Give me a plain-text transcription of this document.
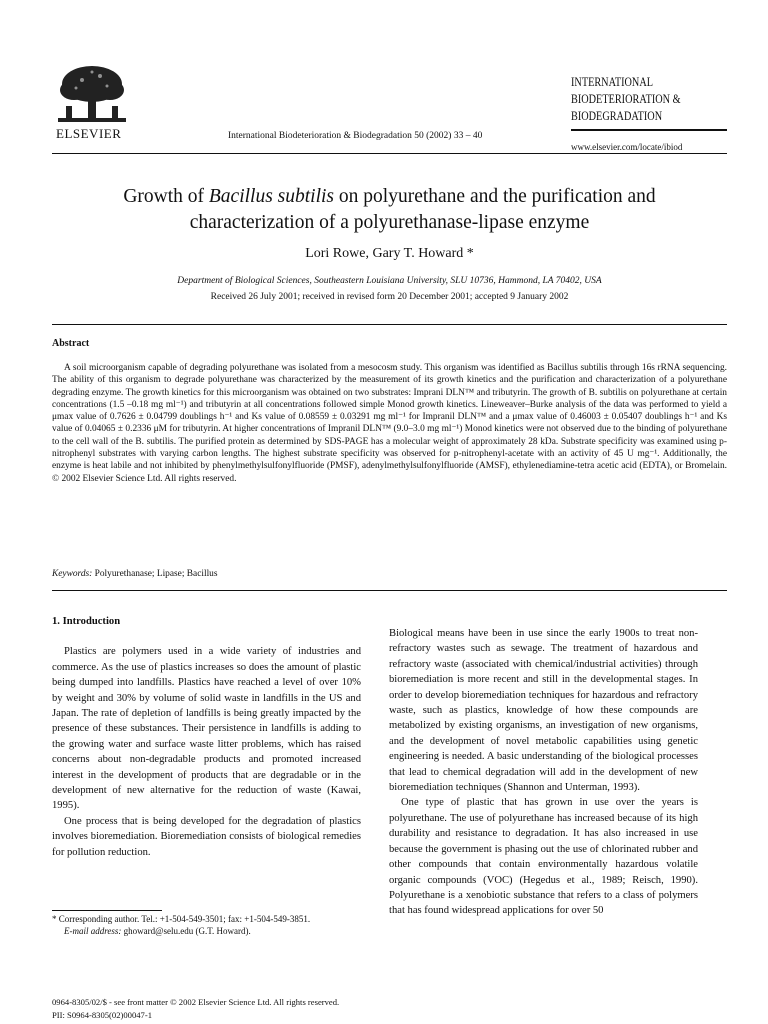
ELSEVIER	International Biodeterioration & Biodegradation 50 (2002) 33 – 40
INTERNATIONAL
BIODETERIORATION &
BIODEGRADATION
www.elsevier.com/locate/ibiod
Growth of Bacillus subtilis on polyurethane and the purification and
characterization of a polyurethanase-lipase enzyme
Lori Rowe, Gary T. Howard *
Department of Biological Sciences, Southeastern Louisiana University, SLU 10736, Hammond, LA 70402, USA
Received 26 July 2001; received in revised form 20 December 2001; accepted 9 January 2002
Abstract
A soil microorganism capable of degrading polyurethane was isolated from a mesocosm study. This organism was identified as Bacillus subtilis through 16s rRNA sequencing. The ability of this organism to degrade polyurethane was characterized by the measurement of its growth kinetics and the purification and characterization of a polyurethane degrading enzyme. The growth kinetics for this microorganism was obtained on two substrates: Imprani DLN™ and tributyrin. The growth of B. subtilis on polyurethane at certain concentrations (1.5 –0.18 mg ml⁻¹) and tributyrin at all concentrations followed simple Monod growth kinetics. Lineweaver–Burke analysis of the data was performed to yield a μmax value of 0.7626 ± 0.04799 doublings h⁻¹ and Ks value of 0.08559 ± 0.03291 mg ml⁻¹ for Impranil DLN™ and a μmax value of 0.46003 ± 0.05407 doublings h⁻¹ and Ks value of 0.04065 ± 0.2336 μM for tributyrin. At higher concentrations of Impranil DLN™ (9.0–3.0 mg ml⁻¹) Monod kinetics were not observed due to the binding of polyurethane to the cell wall of the B. subtilis. The purified protein as determined by SDS-PAGE has a molecular weight of approximately 28 kDa. Substrate specificity was examined using p-nitrophenyl substrates with varying carbon lengths. The highest substrate specificity was observed for p-nitrophenyl-acetate with an activity of 45 U mg⁻¹. Additionally, the enzyme is heat labile and not inhibited by phenylmethylsulfonylfluoride (PMSF), adenylmethylsulfonylfluoride (AMSF), ethylenediamine-tetra acetic acid (EDTA), or Bromelain. © 2002 Elsevier Science Ltd. All rights reserved.
Keywords: Polyurethanase; Lipase; Bacillus
1. Introduction

Plastics are polymers used in a wide variety of industries and commerce. As the use of plastics increases so does the amount of plastic being dumped into landfills. Plastics have reached a level of over 10% by weight and 30% by volume of solid waste in landfills in the US and Japan. The rate of depletion of landfills is being greatly impacted by the presence of these substances. Their persistence in landfills is adding to the growing water and surface waste litter problems, which has raised concerns about non-degradable products and promoted increased interest in the development of products that are degradable or in the development of new alternative for the reduction of waste (Kawai, 1995).

One process that is being developed for the degradation of plastics involves bioremediation. Bioremediation consists of biological remedies for pollution reduction.

Biological means have been in use since the early 1900s to treat non-refractory wastes such as sewage. The treatment of hazardous and refractory waste (associated with chemical/industrial activities) through bioremediation is more recent and still in the developmental stages. In order to develop bioremediation techniques for hazardous and refractory waste, such as plastics, knowledge of how these compounds are metabolized by existing organisms, an investigation of new organisms, and the development of novel metabolic capabilities using genetic engineering is needed. A basic understanding of the biological processes that lead to chemical degradation will add in the development of new bioremediation techniques (Shannon and Unterman, 1993).

One type of plastic that has grown in use over the years is polyurethane. The use of polyurethane has increased because of its high durability and resistance to degradation. It has also increased in use because the government is phasing out the use of chlorinated rubber and other compounds that contain environmentally hazardous volatile organic compounds (VOC) (Hegedus et al., 1989; Reisch, 1990). Polyurethane is a xenobiotic substance that refers to a class of polymers that has found widespread applications for over 50

* Corresponding author. Tel.: +1-504-549-3501; fax: +1-504-549-3851.
E-mail address: ghoward@selu.edu (G.T. Howard).
0964-8305/02/$ - see front matter © 2002 Elsevier Science Ltd. All rights reserved.
PII: S0964-8305(02)00047-1
